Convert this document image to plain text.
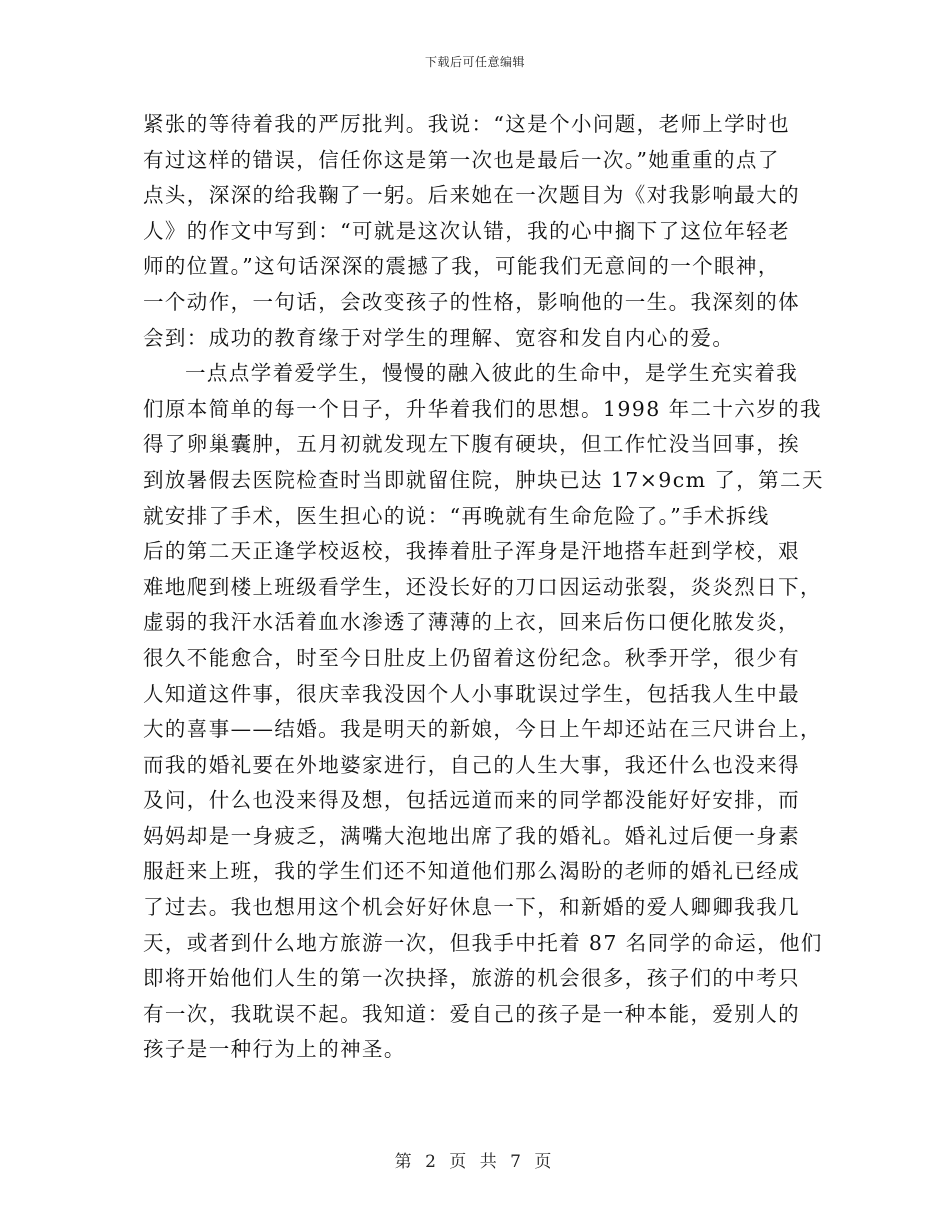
下载后可任意编辑
紧张的等待着我的严厉批判。我说：“这是个小问题，老师上学时也
有过这样的错误，信任你这是第一次也是最后一次。”她重重的点了
点头，深深的给我鞠了一躬。后来她在一次题目为《对我影响最大的
人》的作文中写到：“可就是这次认错，我的心中搁下了这位年轻老
师的位置。”这句话深深的震撼了我，可能我们无意间的一个眼神，
一个动作，一句话，会改变孩子的性格，影响他的一生。我深刻的体
会到：成功的教育缘于对学生的理解、宽容和发自内心的爱。
一点点学着爱学生，慢慢的融入彼此的生命中，是学生充实着我
们原本简单的每一个日子，升华着我们的思想。1998 年二十六岁的我
得了卵巢囊肿，五月初就发现左下腹有硬块，但工作忙没当回事，挨
到放暑假去医院检查时当即就留住院，肿块已达 17×9cm 了，第二天
就安排了手术，医生担心的说：“再晚就有生命危险了。”手术拆线
后的第二天正逢学校返校，我捧着肚子浑身是汗地搭车赶到学校，艰
难地爬到楼上班级看学生，还没长好的刀口因运动张裂，炎炎烈日下，
虚弱的我汗水活着血水渗透了薄薄的上衣，回来后伤口便化脓发炎，
很久不能愈合，时至今日肚皮上仍留着这份纪念。秋季开学，很少有
人知道这件事，很庆幸我没因个人小事耽误过学生，包括我人生中最
大的喜事——结婚。我是明天的新娘，今日上午却还站在三尺讲台上，
而我的婚礼要在外地婆家进行，自己的人生大事，我还什么也没来得
及问，什么也没来得及想，包括远道而来的同学都没能好好安排，而
妈妈却是一身疲乏，满嘴大泡地出席了我的婚礼。婚礼过后便一身素
服赶来上班，我的学生们还不知道他们那么渴盼的老师的婚礼已经成
了过去。我也想用这个机会好好休息一下，和新婚的爱人卿卿我我几
天，或者到什么地方旅游一次，但我手中托着 87 名同学的命运，他们
即将开始他们人生的第一次抉择，旅游的机会很多，孩子们的中考只
有一次，我耽误不起。我知道：爱自己的孩子是一种本能，爱别人的
孩子是一种行为上的神圣。
第 2 页 共 7 页
